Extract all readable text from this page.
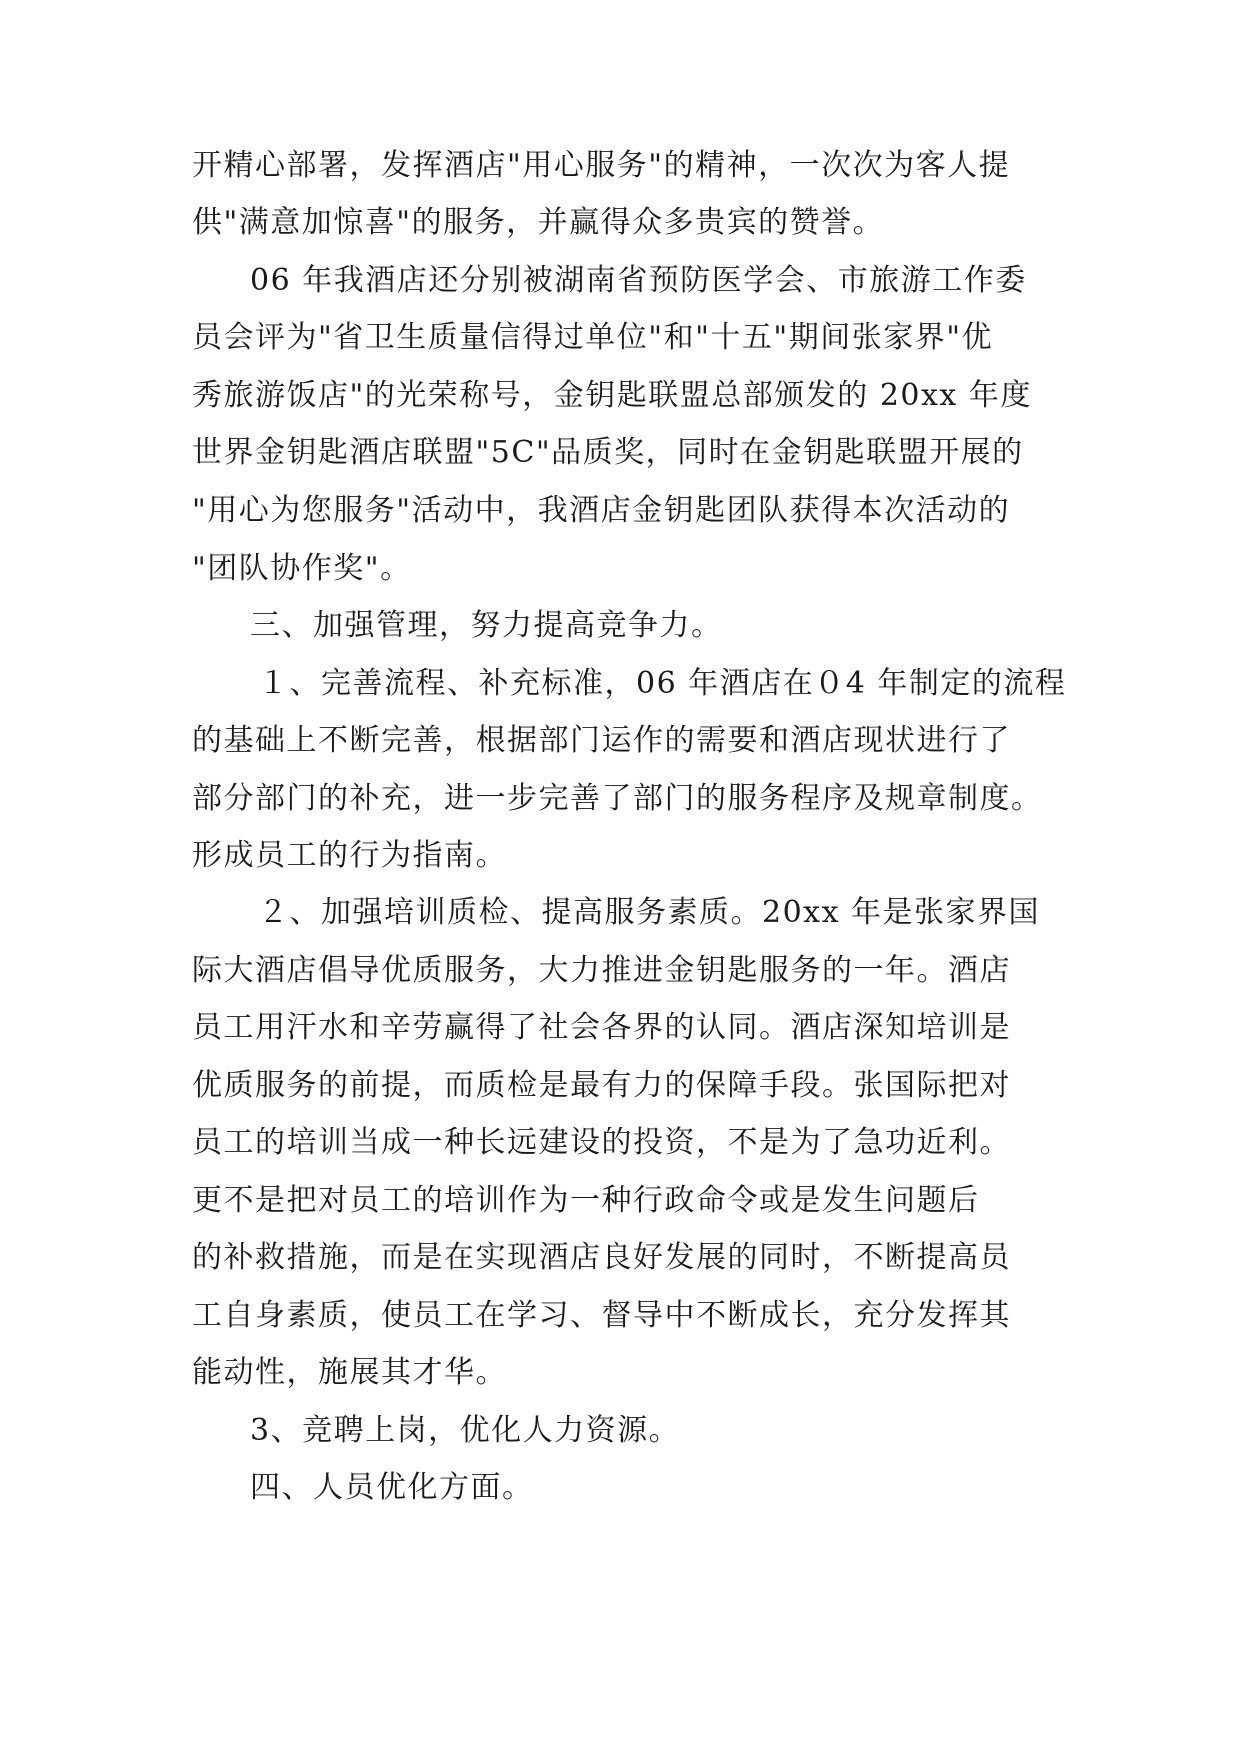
开精心部署，发挥酒店"用心服务"的精神，一次次为客人提
供"满意加惊喜"的服务，并赢得众多贵宾的赞誉。
06 年我酒店还分别被湖南省预防医学会、市旅游工作委
员会评为"省卫生质量信得过单位"和"十五"期间张家界"优
秀旅游饭店"的光荣称号，金钥匙联盟总部颁发的 20xx 年度
世界金钥匙酒店联盟"5C"品质奖，同时在金钥匙联盟开展的
"用心为您服务"活动中，我酒店金钥匙团队获得本次活动的
"团队协作奖"。
三、加强管理，努力提高竞争力。
１、完善流程、补充标准，06 年酒店在０4 年制定的流程
的基础上不断完善，根据部门运作的需要和酒店现状进行了
部分部门的补充，进一步完善了部门的服务程序及规章制度。
形成员工的行为指南。
２、加强培训质检、提高服务素质。20xx 年是张家界国
际大酒店倡导优质服务，大力推进金钥匙服务的一年。酒店
员工用汗水和辛劳赢得了社会各界的认同。酒店深知培训是
优质服务的前提，而质检是最有力的保障手段。张国际把对
员工的培训当成一种长远建设的投资，不是为了急功近利。
更不是把对员工的培训作为一种行政命令或是发生问题后
的补救措施，而是在实现酒店良好发展的同时，不断提高员
工自身素质，使员工在学习、督导中不断成长，充分发挥其
能动性，施展其才华。
3、竞聘上岗，优化人力资源。
四、人员优化方面。
